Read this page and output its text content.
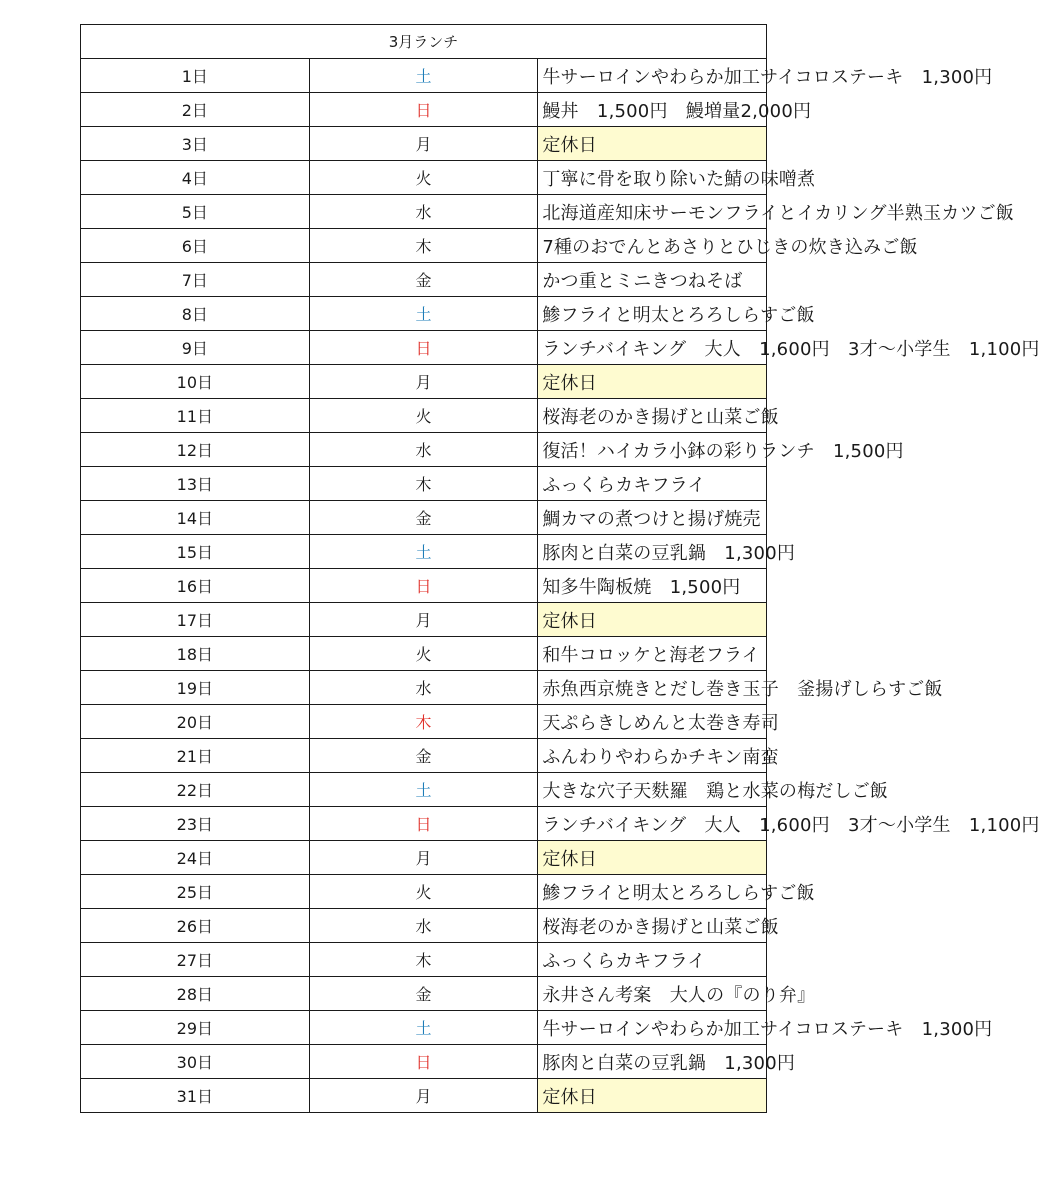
3月ランチ		
1日	土	牛サーロインやわらか加工サイコロステーキ　1,300円
2日	日	鰻丼　1,500円　鰻増量2,000円
3日	月	定休日
4日	火	丁寧に骨を取り除いた鯖の味噌煮
5日	水	北海道産知床サーモンフライとイカリング半熟玉カツご飯
6日	木	7種のおでんとあさりとひじきの炊き込みご飯
7日	金	かつ重とミニきつねそば
8日	土	鯵フライと明太とろろしらすご飯
9日	日	ランチバイキング　大人　1,600円　3才～小学生　1,100円
10日	月	定休日
11日	火	桜海老のかき揚げと山菜ご飯
12日	水	復活！ハイカラ小鉢の彩りランチ　1,500円
13日	木	ふっくらカキフライ
14日	金	鯛カマの煮つけと揚げ焼売
15日	土	豚肉と白菜の豆乳鍋　1,300円
16日	日	知多牛陶板焼　1,500円
17日	月	定休日
18日	火	和牛コロッケと海老フライ
19日	水	赤魚西京焼きとだし巻き玉子　釜揚げしらすご飯
20日	木	天ぷらきしめんと太巻き寿司
21日	金	ふんわりやわらかチキン南蛮
22日	土	大きな穴子天麩羅　鶏と水菜の梅だしご飯
23日	日	ランチバイキング　大人　1,600円　3才～小学生　1,100円
24日	月	定休日
25日	火	鯵フライと明太とろろしらすご飯
26日	水	桜海老のかき揚げと山菜ご飯
27日	木	ふっくらカキフライ
28日	金	永井さん考案　大人の『のり弁』
29日	土	牛サーロインやわらか加工サイコロステーキ　1,300円
30日	日	豚肉と白菜の豆乳鍋　1,300円
31日	月	定休日
